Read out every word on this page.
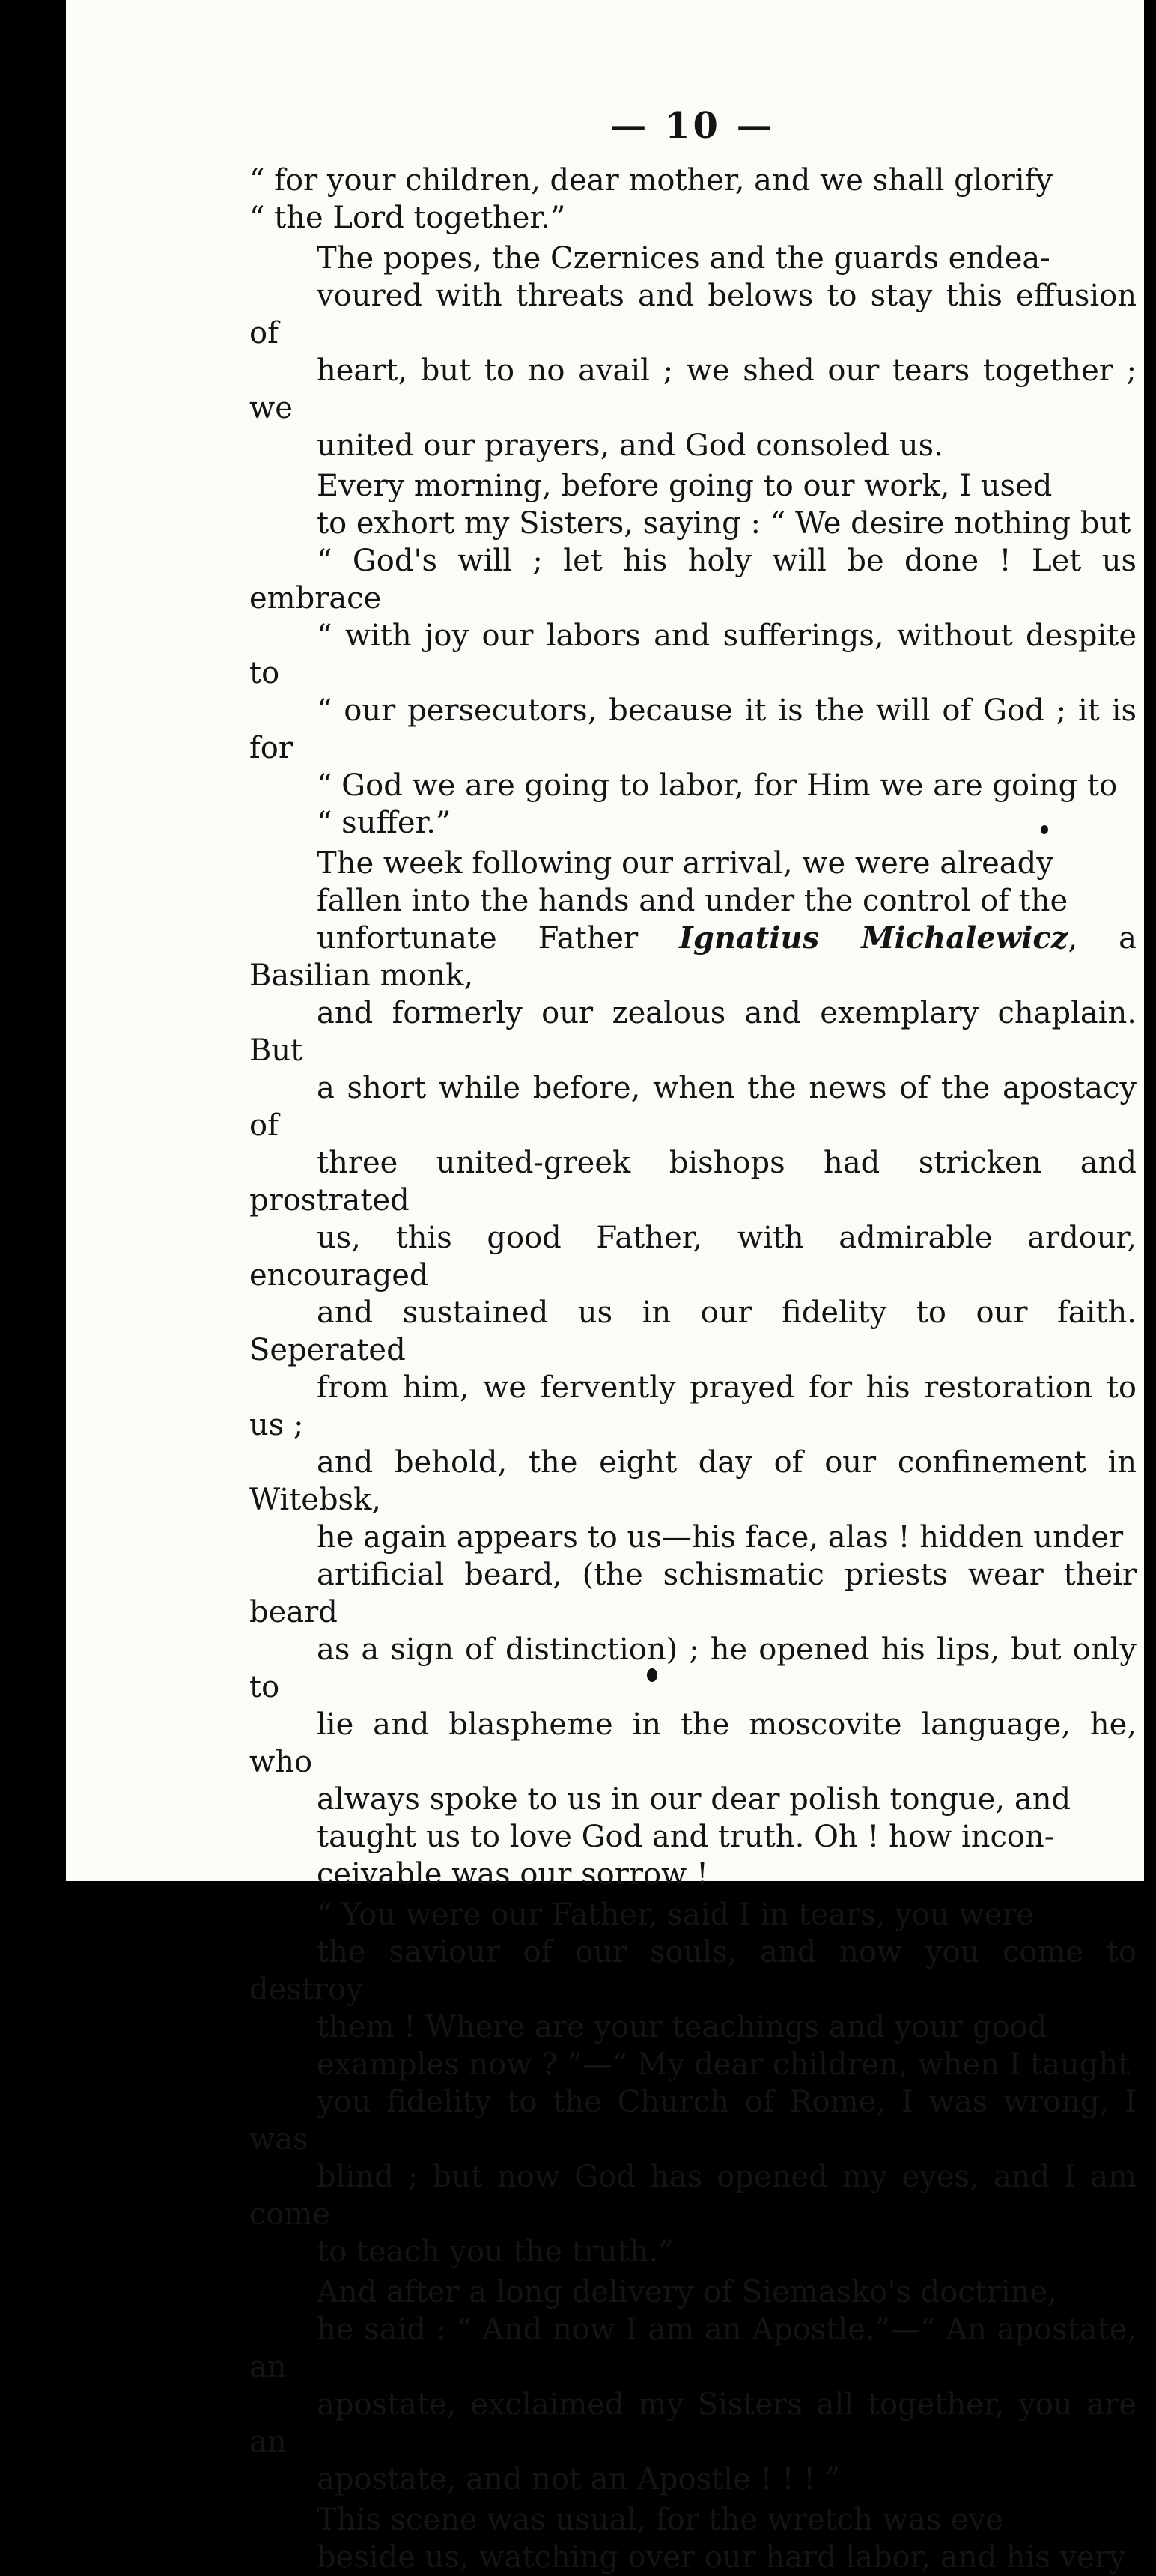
— 10 —

“ for your children, dear mother, and we shall glorify
“ the Lord together.”

The popes, the Czernices and the guards endea-
voured with threats and belows to stay this effusion of
heart, but to no avail ; we shed our tears together ; we
united our prayers, and God consoled us.

Every morning, before going to our work, I used
to exhort my Sisters, saying : “ We desire nothing but
“ God's will ; let his holy will be done ! Let us embrace
“ with joy our labors and sufferings, without despite to
“ our persecutors, because it is the will of God ; it is for
“ God we are going to labor, for Him we are going to
“ suffer.”

The week following our arrival, we were already
fallen into the hands and under the control of the
unfortunate Father Ignatius Michalewicz, a Basilian monk,
and formerly our zealous and exemplary chaplain. But
a short while before, when the news of the apostacy of
three united-greek bishops had stricken and prostrated
us, this good Father, with admirable ardour, encouraged
and sustained us in our fidelity to our faith. Seperated
from him, we fervently prayed for his restoration to us ;
and behold, the eight day of our confinement in Witebsk,
he again appears to us—his face, alas ! hidden under
artificial beard, (the schismatic priests wear their beard
as a sign of distinction) ; he opened his lips, but only to
lie and blaspheme in the moscovite language, he, who
always spoke to us in our dear polish tongue, and
taught us to love God and truth. Oh ! how incon-
ceivable was our sorrow !

“ You were our Father, said I in tears, you were
the saviour of our souls, and now you come to destroy
them ! Where are your teachings and your good
examples now ? ”—“ My dear children, when I taught
you fidelity to the Church of Rome, I was wrong, I was
blind ; but now God has opened my eyes, and I am come
to teach you the truth.”

And after a long delivery of Siemasko's doctrine,
he said : “ And now I am an Apostle.”—“ An apostate, an
apostate, exclaimed my Sisters all together, you are an
apostate, and not an Apostle ! ! ! ”

This scene was usual, for the wretch was eve
beside us, watching over our hard labor, and his very
